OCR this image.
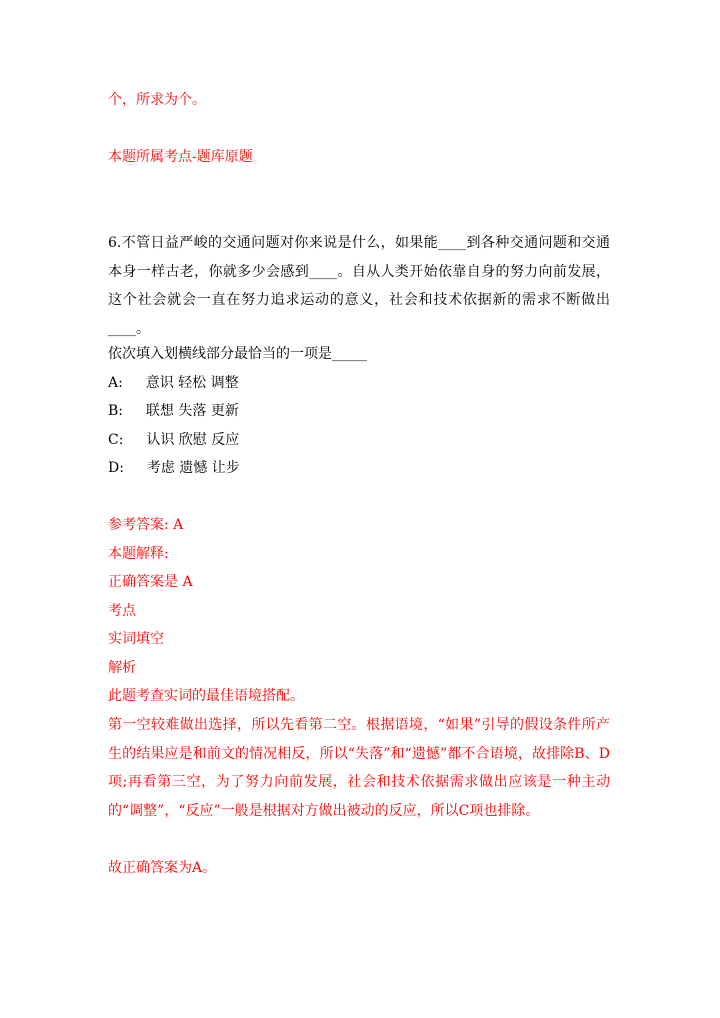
个，所求为个。
本题所属考点-题库原题
6.不管日益严峻的交通问题对你来说是什么，如果能____到各种交通问题和交通本身一样古老，你就多少会感到____。自从人类开始依靠自身的努力向前发展，这个社会就会一直在努力追求运动的意义，社会和技术依据新的需求不断做出____。
依次填入划横线部分最恰当的一项是_____
A: 意识 轻松 调整
B: 联想 失落 更新
C: 认识 欣慰 反应
D: 考虑 遗憾 让步
参考答案: A
本题解释:
正确答案是 A
考点
实词填空
解析
此题考查实词的最佳语境搭配。
第一空较难做出选择，所以先看第二空。根据语境，“如果”引导的假设条件所产生的结果应是和前文的情况相反，所以“失落”和“遗憾”都不合语境，故排除B、D项;再看第三空，为了努力向前发展，社会和技术依据需求做出应该是一种主动的“调整”，“反应”一般是根据对方做出被动的反应，所以C项也排除。
故正确答案为A。
